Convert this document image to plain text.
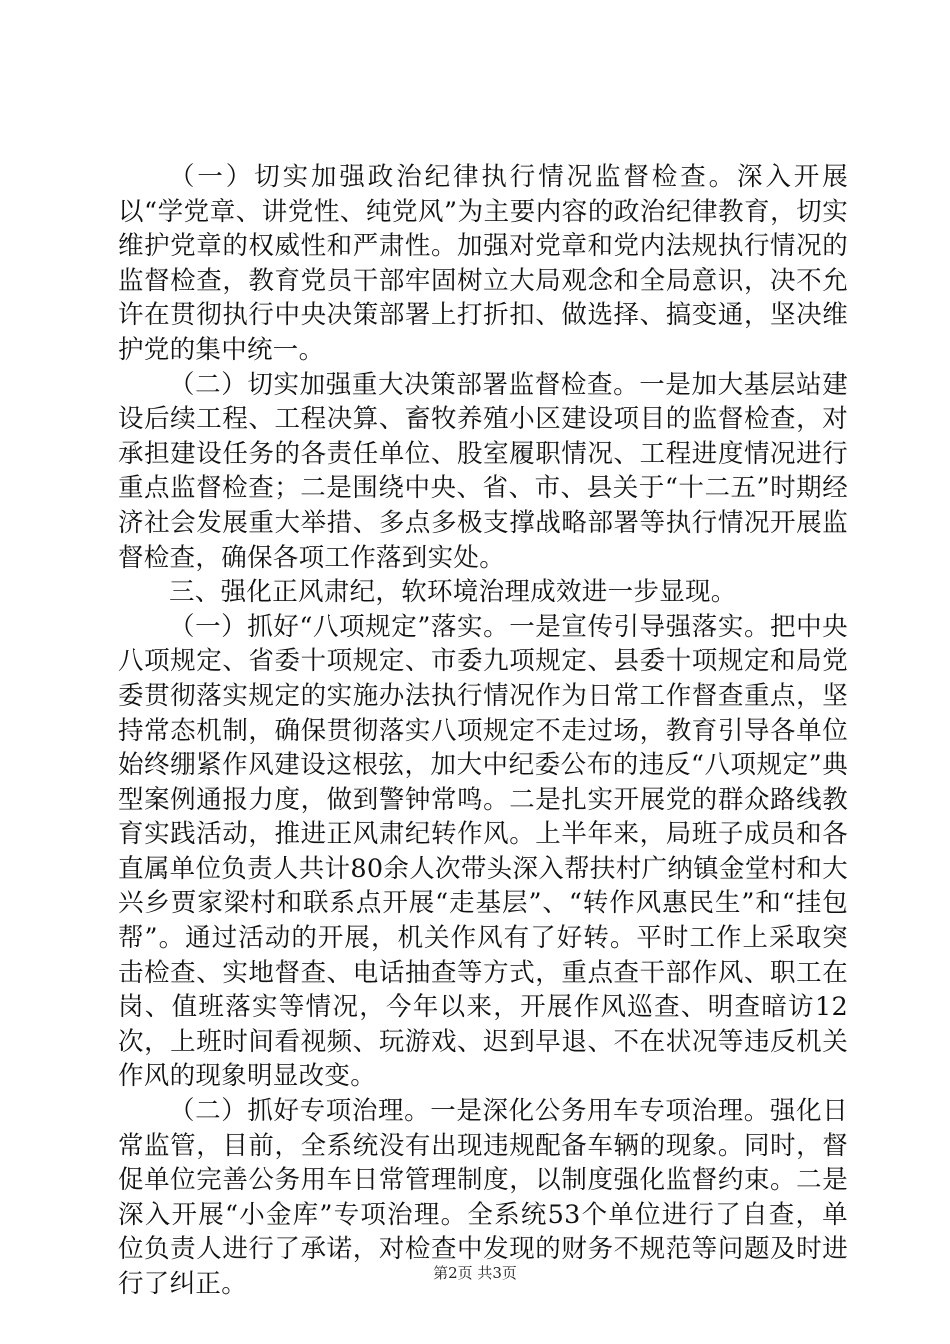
（一）切实加强政治纪律执行情况监督检查。深入开展以“学党章、讲党性、纯党风”为主要内容的政治纪律教育，切实维护党章的权威性和严肃性。加强对党章和党内法规执行情况的监督检查，教育党员干部牢固树立大局观念和全局意识，决不允许在贯彻执行中央决策部署上打折扣、做选择、搞变通，坚决维护党的集中统一。

（二）切实加强重大决策部署监督检查。一是加大基层站建设后续工程、工程决算、畜牧养殖小区建设项目的监督检查，对承担建设任务的各责任单位、股室履职情况、工程进度情况进行重点监督检查；二是围绕中央、省、市、县关于“十二五”时期经济社会发展重大举措、多点多极支撑战略部署等执行情况开展监督检查，确保各项工作落到实处。

三、强化正风肃纪，软环境治理成效进一步显现。

（一）抓好“八项规定”落实。一是宣传引导强落实。把中央八项规定、省委十项规定、市委九项规定、县委十项规定和局党委贯彻落实规定的实施办法执行情况作为日常工作督查重点，坚持常态机制，确保贯彻落实八项规定不走过场，教育引导各单位始终绷紧作风建设这根弦，加大中纪委公布的违反“八项规定”典型案例通报力度，做到警钟常鸣。二是扎实开展党的群众路线教育实践活动，推进正风肃纪转作风。上半年来，局班子成员和各直属单位负责人共计80余人次带头深入帮扶村广纳镇金堂村和大兴乡贾家梁村和联系点开展“走基层”、“转作风惠民生”和“挂包帮”。通过活动的开展，机关作风有了好转。平时工作上采取突击检查、实地督查、电话抽查等方式，重点查干部作风、职工在岗、值班落实等情况，今年以来，开展作风巡查、明查暗访12次，上班时间看视频、玩游戏、迟到早退、不在状况等违反机关作风的现象明显改变。

（二）抓好专项治理。一是深化公务用车专项治理。强化日常监管，目前，全系统没有出现违规配备车辆的现象。同时，督促单位完善公务用车日常管理制度，以制度强化监督约束。二是深入开展“小金库”专项治理。全系统53个单位进行了自查，单位负责人进行了承诺，对检查中发现的财务不规范等问题及时进行了纠正。	第2页 共3页
